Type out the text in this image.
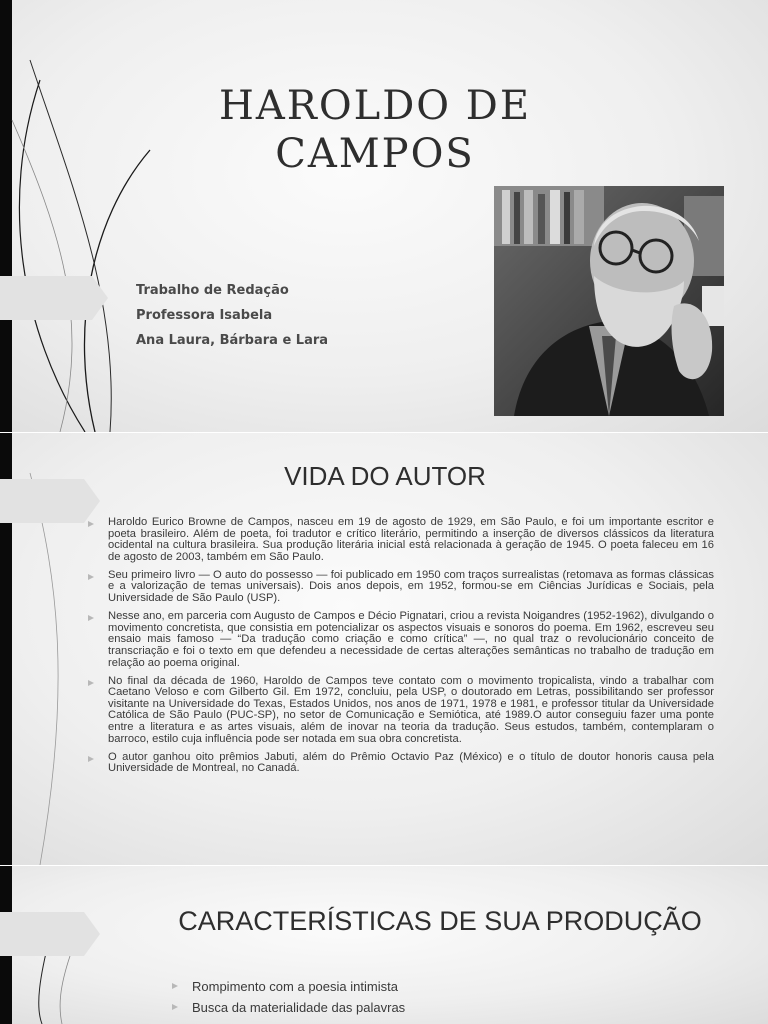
HAROLDO DE
CAMPOS
Trabalho de Redação
Professora Isabela
Ana Laura, Bárbara e Lara
VIDA DO AUTOR
Haroldo Eurico Browne de Campos, nasceu em 19 de agosto de 1929, em São Paulo, e foi um importante escritor e poeta brasileiro. Além de poeta, foi tradutor e crítico literário, permitindo a inserção de diversos clássicos da literatura ocidental na cultura brasileira. Sua produção literária inicial está relacionada à geração de 1945. O poeta faleceu em 16 de agosto de 2003, também em São Paulo.
Seu primeiro livro — O auto do possesso — foi publicado em 1950 com traços surrealistas (retomava as formas clássicas e a valorização de temas universais). Dois anos depois, em 1952, formou-se em Ciências Jurídicas e Sociais, pela Universidade de São Paulo (USP).
Nesse ano, em parceria com Augusto de Campos e Décio Pignatari, criou a revista Noigandres (1952-1962), divulgando o movimento concretista, que consistia em potencializar os aspectos visuais e sonoros do poema. Em 1962, escreveu seu ensaio mais famoso — “Da tradução como criação e como crítica” —, no qual traz o revolucionário conceito de transcriação e foi o texto em que defendeu a necessidade de certas alterações semânticas no trabalho de tradução em relação ao poema original.
No final da década de 1960, Haroldo de Campos teve contato com o movimento tropicalista, vindo a trabalhar com Caetano Veloso e com Gilberto Gil. Em 1972, concluiu, pela USP, o doutorado em Letras, possibilitando ser professor visitante na Universidade do Texas, Estados Unidos, nos anos de 1971, 1978 e 1981, e professor titular da Universidade Católica de São Paulo (PUC-SP), no setor de Comunicação e Semiótica, até 1989.O autor conseguiu fazer uma ponte entre a literatura e as artes visuais, além de inovar na teoria da tradução. Seus estudos, também, contemplaram o barroco, estilo cuja influência pode ser notada em sua obra concretista.
O autor ganhou oito prêmios Jabuti, além do Prêmio Octavio Paz (México) e o título de doutor honoris causa pela Universidade de Montreal, no Canadá.
CARACTERÍSTICAS DE SUA PRODUÇÃO
Rompimento com a poesia intimista
Busca da materialidade das palavras
